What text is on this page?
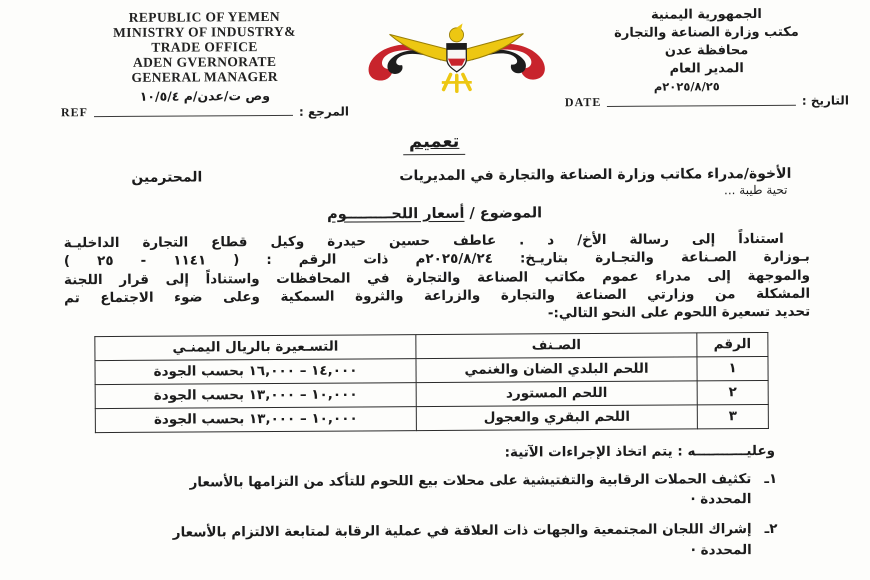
REPUBLIC OF YEMEN
MINISTRY OF INDUSTRY&
TRADE OFFICE
ADEN GVERNORATE
GENERAL MANAGER
وص ت/عدن/م ١٠/٥/٤
REF	المرجع :
الجمهورية اليمنية
مكتب وزارة الصناعة والتجارة
محافظة عدن
المدير العام
٢٠٢٥/٨/٢٥م
DATE	التاريخ :
تعميم
الأخوة/مدراء مكاتب وزارة الصناعة والتجارة في المديريات
المحترمين
تحية طيبة ...
الموضوع / أسعار اللحـــــــــوم
استناداً إلى رسالة الأخ/ د . عاطف حسين حيدرة وكيل قطاع التجارة الداخليـة
بـوزارة الصـناعة والتجـارة بتاريـخ: ٢٠٢٥/٨/٢٤م ذات الرقم : ( ١١٤١ - ٢٥ )
والموجهة إلى مدراء عموم مكاتب الصناعة والتجارة في المحافظات واستناداً إلى قرار اللجنة
المشكلة من وزارتي الصناعة والتجارة والزراعة والثروة السمكية وعلى ضوء الاجتماع تم
تحديد تسعيرة اللحوم على النحو التالي:-
الرقم	الصـنف	التسـعيرة بالريال اليمنـي
١	اللحم البلدي الضان والغنمي	١٤,٠٠٠ – ١٦,٠٠٠ بحسب الجودة
٢	اللحم المستورد	١٠,٠٠٠ – ١٣,٠٠٠ بحسب الجودة
٣	اللحم البقري والعجول	١٠,٠٠٠ – ١٣,٠٠٠ بحسب الجودة
وعليـــــــــــه : يتم اتخاذ الإجراءات الآتية:
١ـ
تكثيف الحملات الرقابية والتفتيشية على محلات بيع اللحوم للتأكد من التزامها بالأسعار المحددة ·
٢ـ
إشراك اللجان المجتمعية والجهات ذات العلاقة في عملية الرقابة لمتابعة الالتزام بالأسعار المحددة ·
